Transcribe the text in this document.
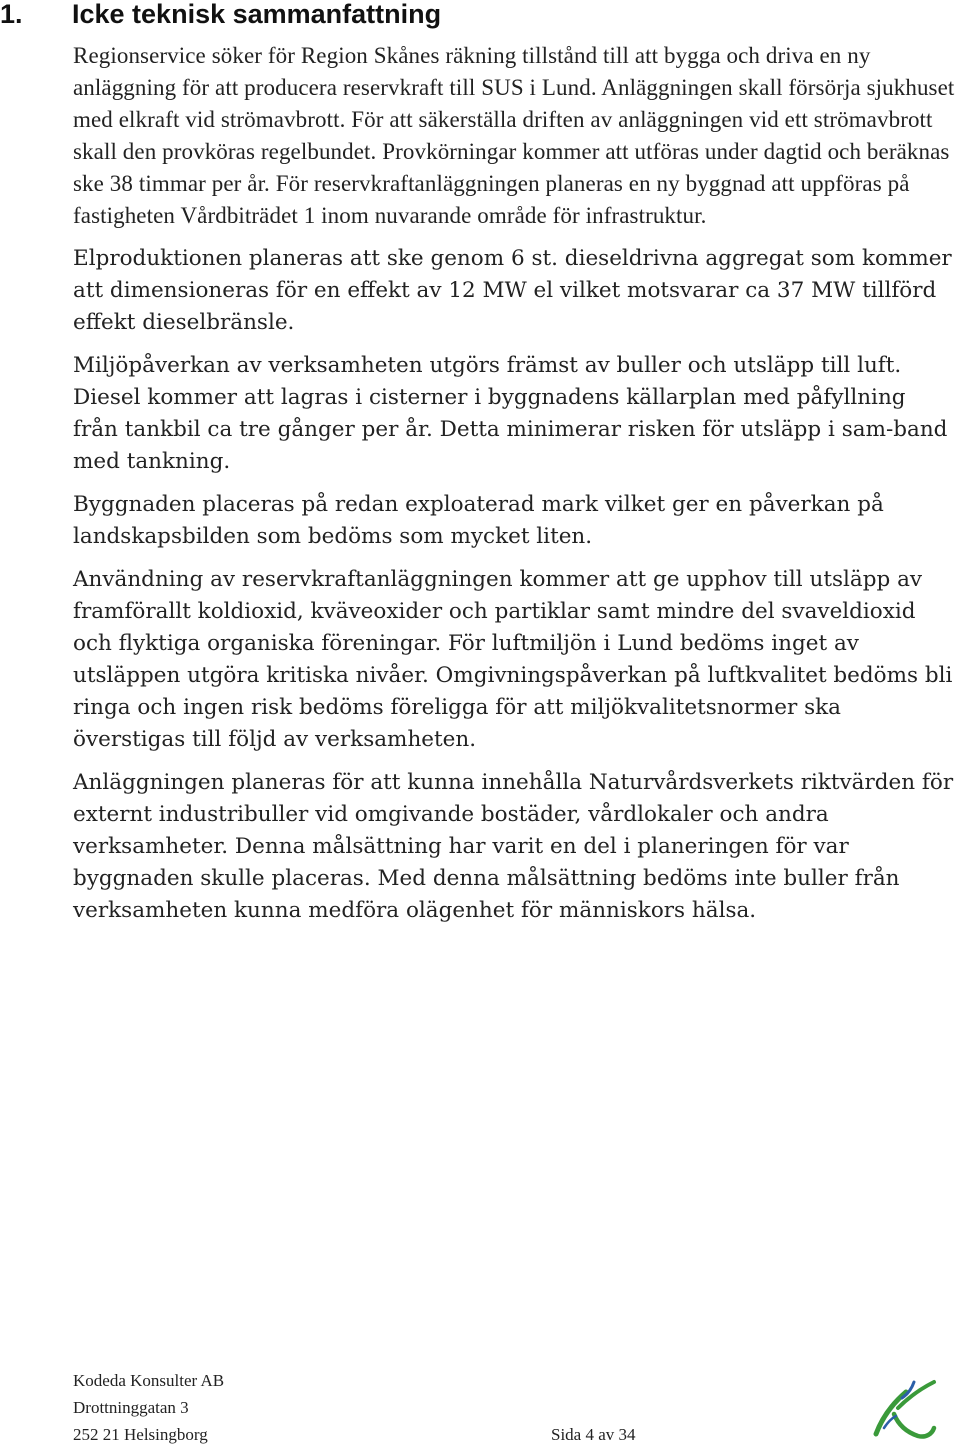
1. Icke teknisk sammanfattning

Regionservice söker för Region Skånes räkning tillstånd till att bygga och driva en ny anläggning för att producera reservkraft till SUS i Lund. Anläggningen skall försörja sjukhuset med elkraft vid strömavbrott. För att säkerställa driften av anläggningen vid ett strömavbrott skall den provköras regelbundet. Provkörningar kommer att utföras under dagtid och beräknas ske 38 timmar per år. För reservkraftanläggningen planeras en ny byggnad att uppföras på fastigheten Vårdbiträdet 1 inom nuvarande område för infrastruktur.

Elproduktionen planeras att ske genom 6 st. dieseldrivna aggregat som kommer att dimensioneras för en effekt av 12 MW el vilket motsvarar ca 37 MW tillförd effekt dieselbränsle.

Miljöpåverkan av verksamheten utgörs främst av buller och utsläpp till luft. Diesel kommer att lagras i cisterner i byggnadens källarplan med påfyllning från tankbil ca tre gånger per år. Detta minimerar risken för utsläpp i sam-band med tankning.

Byggnaden placeras på redan exploaterad mark vilket ger en påverkan på landskapsbilden som bedöms som mycket liten.

Användning av reservkraftanläggningen kommer att ge upphov till utsläpp av framförallt koldioxid, kväveoxider och partiklar samt mindre del svaveldioxid och flyktiga organiska föreningar. För luftmiljön i Lund bedöms inget av utsläppen utgöra kritiska nivåer. Omgivningspåverkan på luftkvalitet bedöms bli ringa och ingen risk bedöms föreligga för att miljökvalitetsnormer ska överstigas till följd av verksamheten.

Anläggningen planeras för att kunna innehålla Naturvårdsverkets riktvärden för externt industribuller vid omgivande bostäder, vårdlokaler och andra verksamheter. Denna målsättning har varit en del i planeringen för var byggnaden skulle placeras. Med denna målsättning bedöms inte buller från verksamheten kunna medföra olägenhet för människors hälsa.

Kodeda Konsulter AB
Drottninggatan 3
252 21 Helsingborg	Sida 4 av 34
